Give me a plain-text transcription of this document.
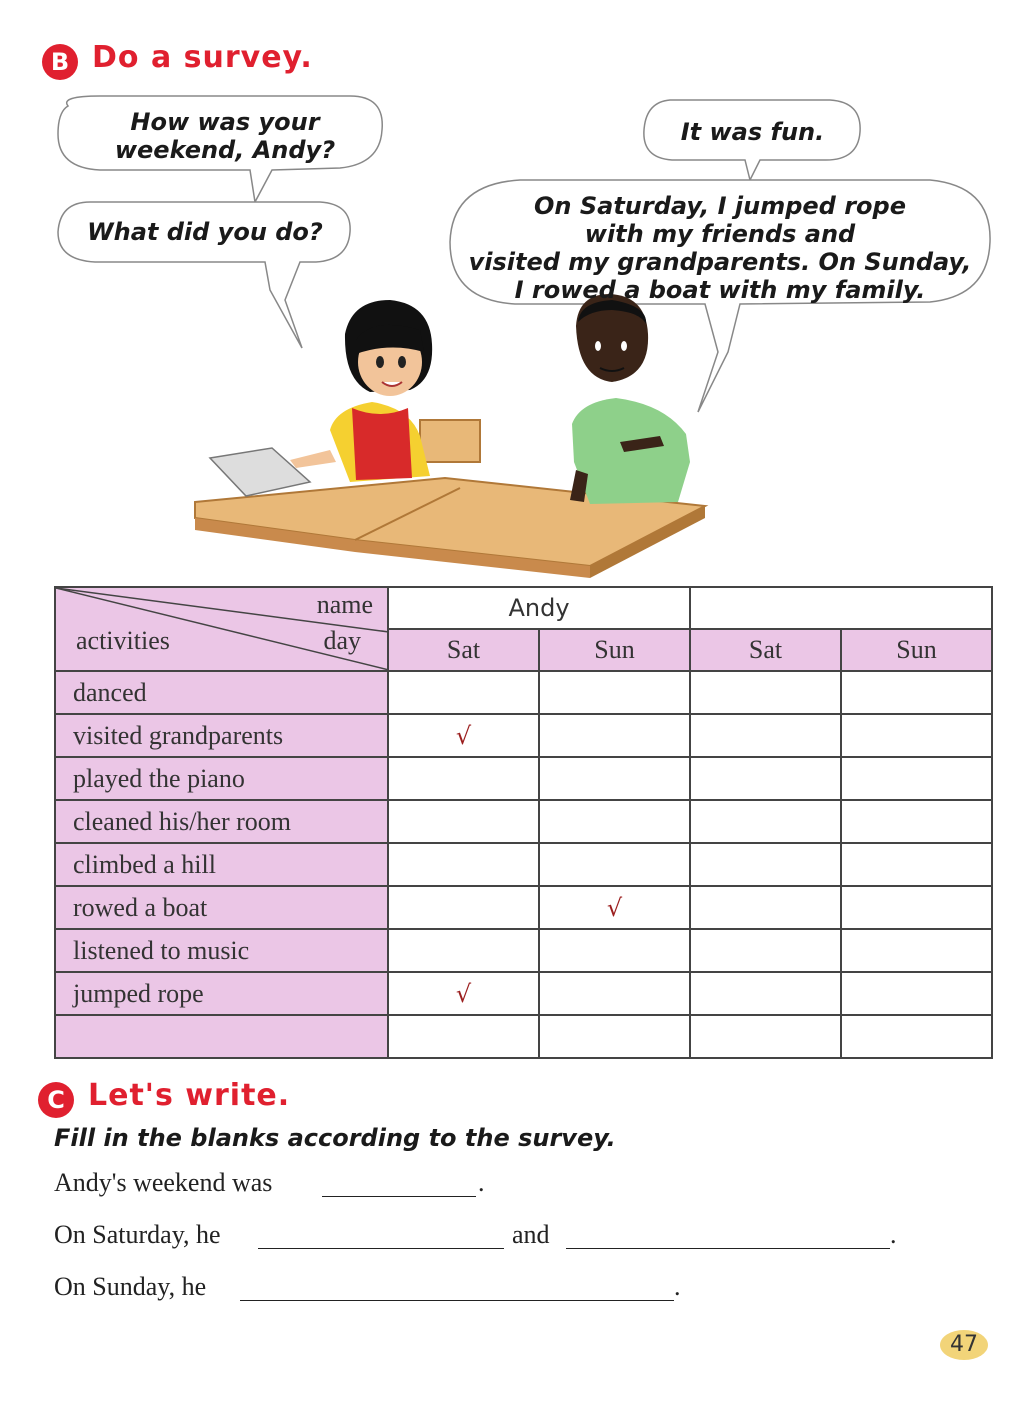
B Do a survey.
How was your
weekend, Andy?
What did you do?
It was fun.
On Saturday, I jumped rope
with my friends and
visited my grandparents. On Sunday,
I rowed a boat with my family.
name
day
activities	Andy			
	Sat	Sun	Sat	Sun
danced				
visited grandparents	√			
played the piano				
cleaned his/her room				
climbed a hill				
rowed a boat		√		
listened to music				
jumped rope	√			

C Let's write.
Fill in the blanks according to the survey.
Andy's weekend was	.
On Saturday, he	and	.
On Sunday, he	.
47
